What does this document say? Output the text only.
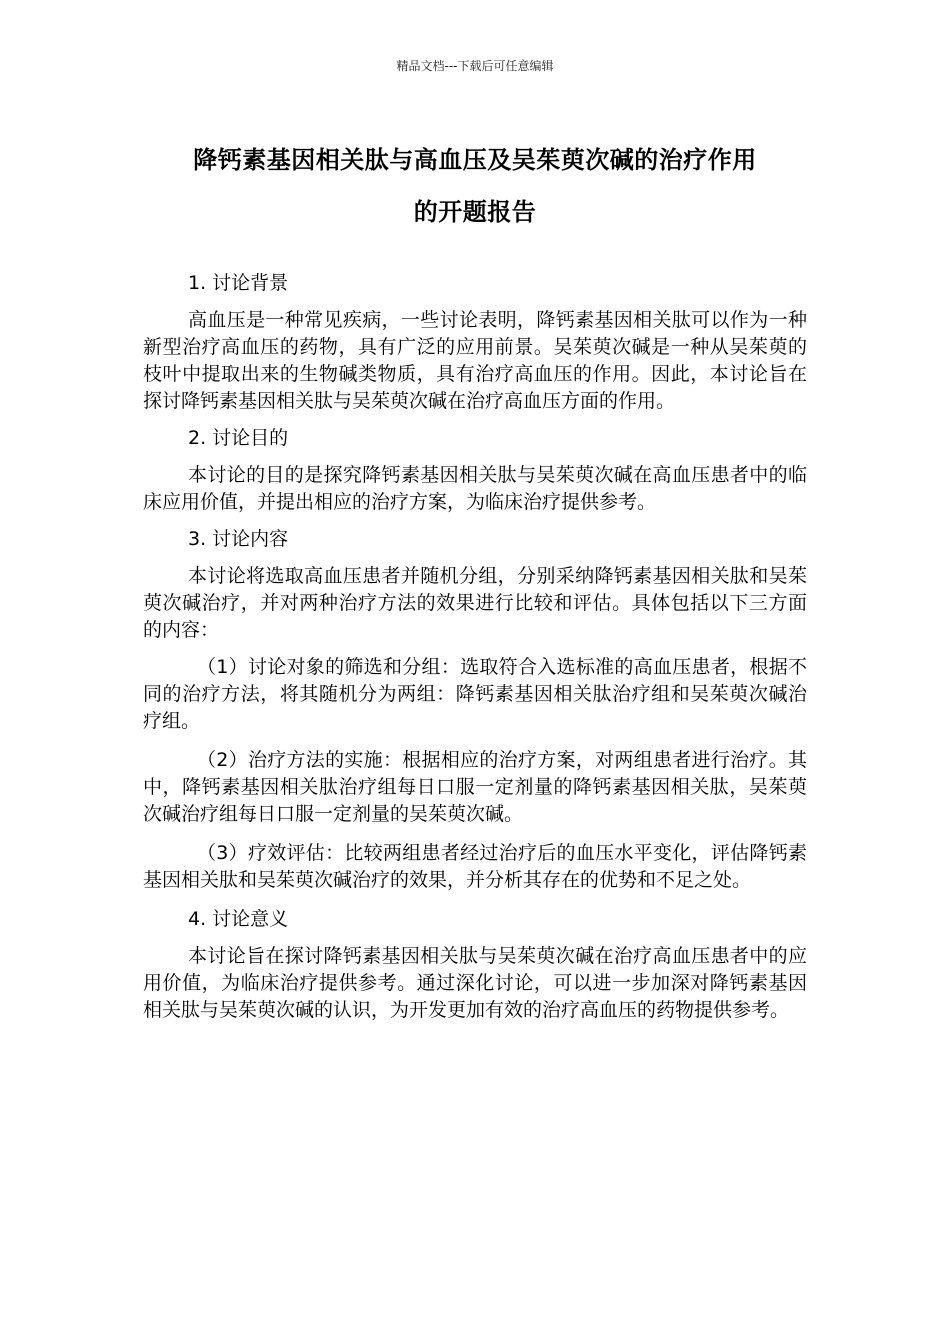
精品文档---下载后可任意编辑
降钙素基因相关肽与高血压及吴茱萸次碱的治疗作用
的开题报告

1. 讨论背景

高血压是一种常见疾病，一些讨论表明，降钙素基因相关肽可以作为一种新型治疗高血压的药物，具有广泛的应用前景。吴茱萸次碱是一种从吴茱萸的枝叶中提取出来的生物碱类物质，具有治疗高血压的作用。因此，本讨论旨在探讨降钙素基因相关肽与吴茱萸次碱在治疗高血压方面的作用。

2. 讨论目的

本讨论的目的是探究降钙素基因相关肽与吴茱萸次碱在高血压患者中的临床应用价值，并提出相应的治疗方案，为临床治疗提供参考。

3. 讨论内容

本讨论将选取高血压患者并随机分组，分别采纳降钙素基因相关肽和吴茱萸次碱治疗，并对两种治疗方法的效果进行比较和评估。具体包括以下三方面的内容：

（1）讨论对象的筛选和分组：选取符合入选标准的高血压患者，根据不同的治疗方法，将其随机分为两组：降钙素基因相关肽治疗组和吴茱萸次碱治疗组。

（2）治疗方法的实施：根据相应的治疗方案，对两组患者进行治疗。其中，降钙素基因相关肽治疗组每日口服一定剂量的降钙素基因相关肽，吴茱萸次碱治疗组每日口服一定剂量的吴茱萸次碱。

（3）疗效评估：比较两组患者经过治疗后的血压水平变化，评估降钙素基因相关肽和吴茱萸次碱治疗的效果，并分析其存在的优势和不足之处。

4. 讨论意义

本讨论旨在探讨降钙素基因相关肽与吴茱萸次碱在治疗高血压患者中的应用价值，为临床治疗提供参考。通过深化讨论，可以进一步加深对降钙素基因相关肽与吴茱萸次碱的认识，为开发更加有效的治疗高血压的药物提供参考。
